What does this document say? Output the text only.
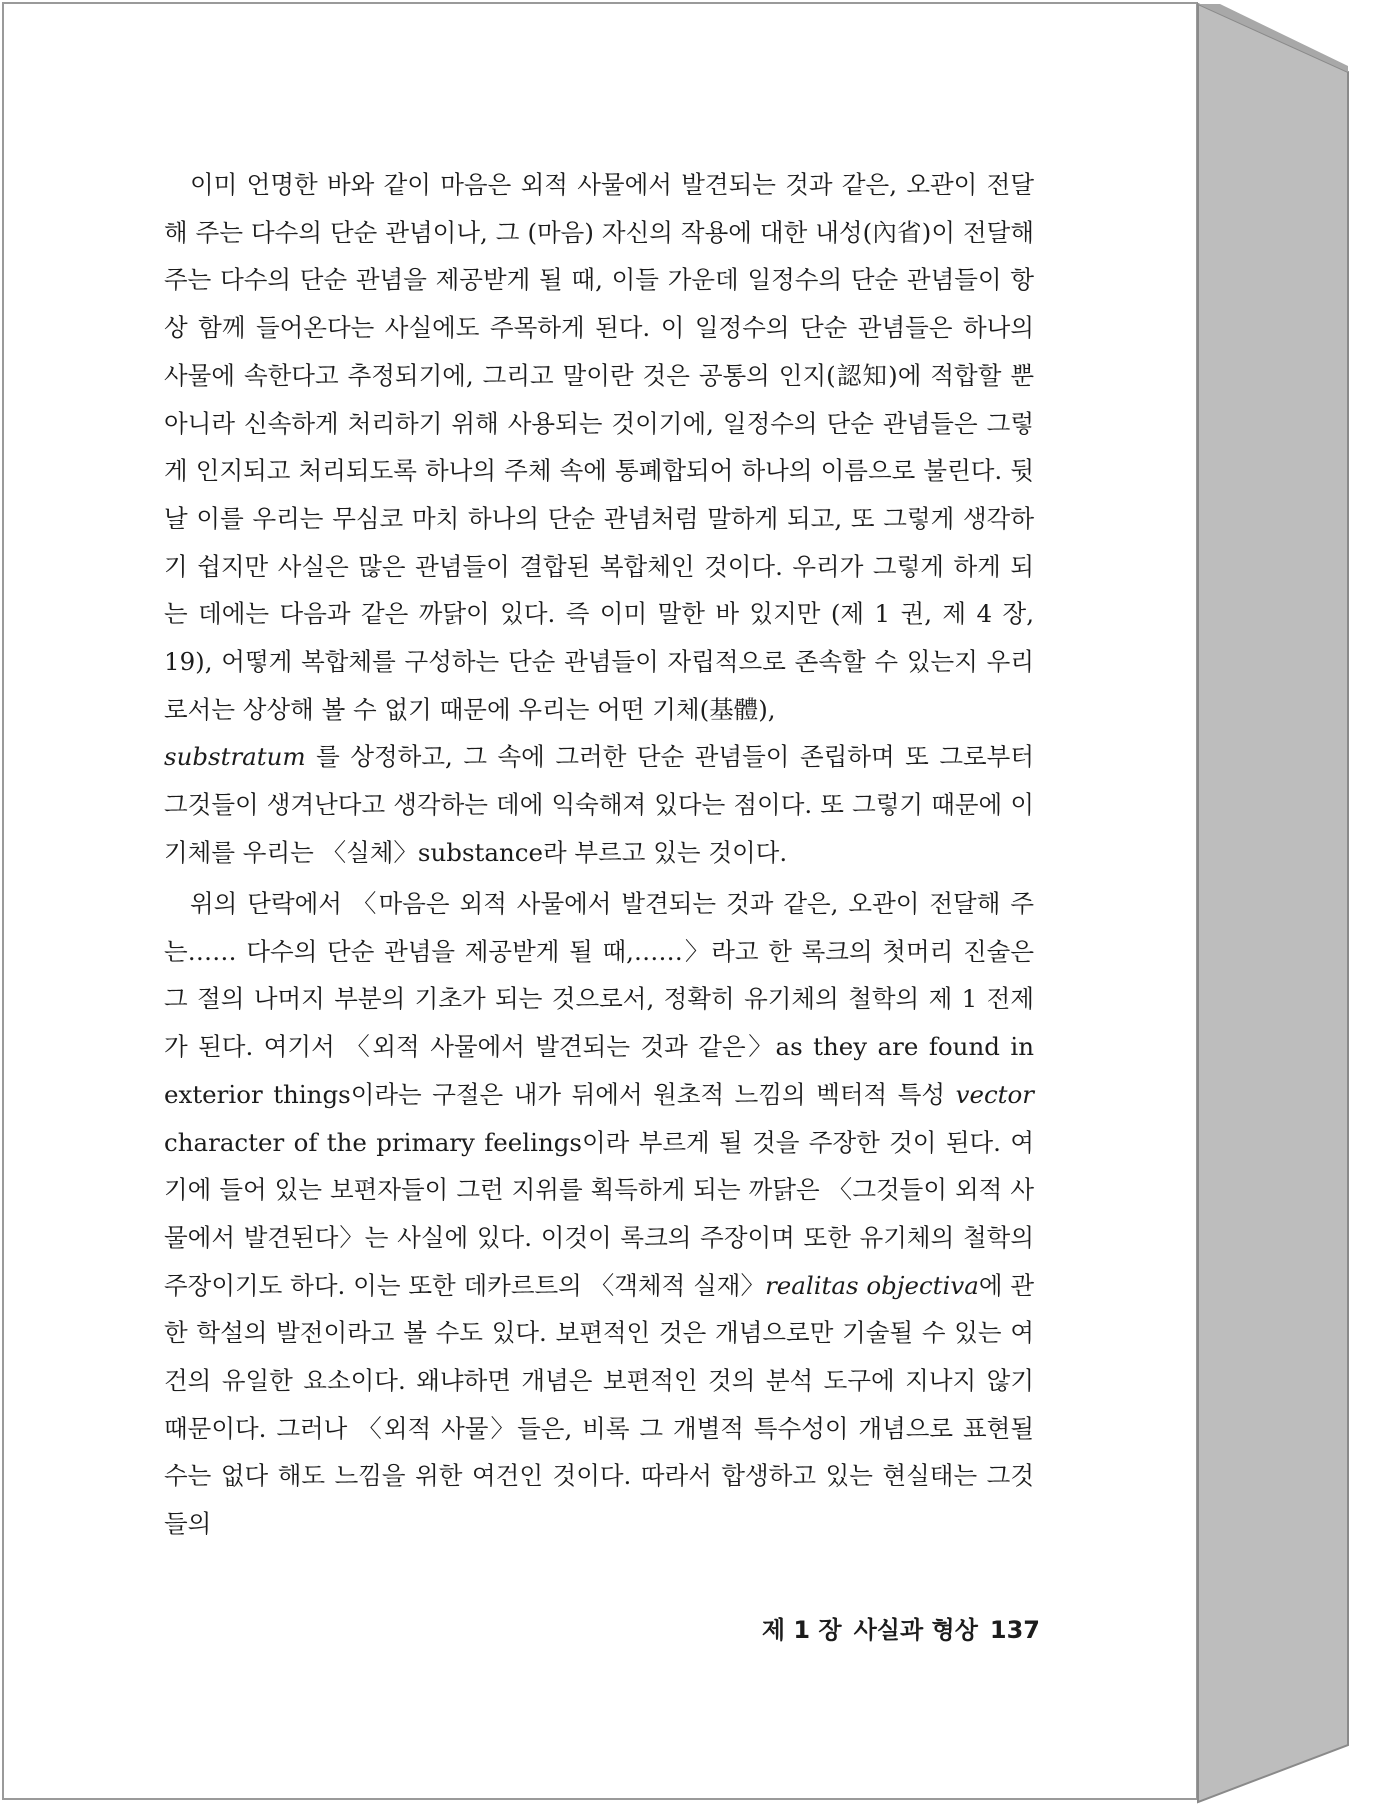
이미 언명한 바와 같이 마음은 외적 사물에서 발견되는 것과 같은, 오관이 전달해 주는 다수의 단순 관념이나, 그 (마음) 자신의 작용에 대한 내성(內省)이 전달해 주는 다수의 단순 관념을 제공받게 될 때, 이들 가운데 일정수의 단순 관념들이 항상 함께 들어온다는 사실에도 주목하게 된다. 이 일정수의 단순 관념들은 하나의 사물에 속한다고 추정되기에, 그리고 말이란 것은 공통의 인지(認知)에 적합할 뿐 아니라 신속하게 처리하기 위해 사용되는 것이기에, 일정수의 단순 관념들은 그렇게 인지되고 처리되도록 하나의 주체 속에 통폐합되어 하나의 이름으로 불린다. 뒷날 이를 우리는 무심코 마치 하나의 단순 관념처럼 말하게 되고, 또 그렇게 생각하기 쉽지만 사실은 많은 관념들이 결합된 복합체인 것이다. 우리가 그렇게 하게 되는 데에는 다음과 같은 까닭이 있다. 즉 이미 말한 바 있지만 (제 1 권, 제 4 장, 19), 어떻게 복합체를 구성하는 단순 관념들이 자립적으로 존속할 수 있는지 우리로서는 상상해 볼 수 없기 때문에 우리는 어떤 기체(基體),
substratum 를 상정하고, 그 속에 그러한 단순 관념들이 존립하며 또 그로부터 그것들이 생겨난다고 생각하는 데에 익숙해져 있다는 점이다. 또 그렇기 때문에 이 기체를 우리는 〈실체〉substance라 부르고 있는 것이다.

위의 단락에서 〈마음은 외적 사물에서 발견되는 것과 같은, 오관이 전달해 주는…… 다수의 단순 관념을 제공받게 될 때,……〉라고 한 록크의 첫머리 진술은 그 절의 나머지 부분의 기초가 되는 것으로서, 정확히 유기체의 철학의 제 1 전제가 된다. 여기서 〈외적 사물에서 발견되는 것과 같은〉as they are found in exterior things이라는 구절은 내가 뒤에서 원초적 느낌의 벡터적 특성 vector character of the primary feelings이라 부르게 될 것을 주장한 것이 된다. 여기에 들어 있는 보편자들이 그런 지위를 획득하게 되는 까닭은 〈그것들이 외적 사물에서 발견된다〉는 사실에 있다. 이것이 록크의 주장이며 또한 유기체의 철학의 주장이기도 하다. 이는 또한 데카르트의 〈객체적 실재〉realitas objectiva에 관한 학설의 발전이라고 볼 수도 있다. 보편적인 것은 개념으로만 기술될 수 있는 여건의 유일한 요소이다. 왜냐하면 개념은 보편적인 것의 분석 도구에 지나지 않기 때문이다. 그러나 〈외적 사물〉들은, 비록 그 개별적 특수성이 개념으로 표현될 수는 없다 해도 느낌을 위한 여건인 것이다. 따라서 합생하고 있는 현실태는 그것들의

제 1 장 사실과 형상 137
